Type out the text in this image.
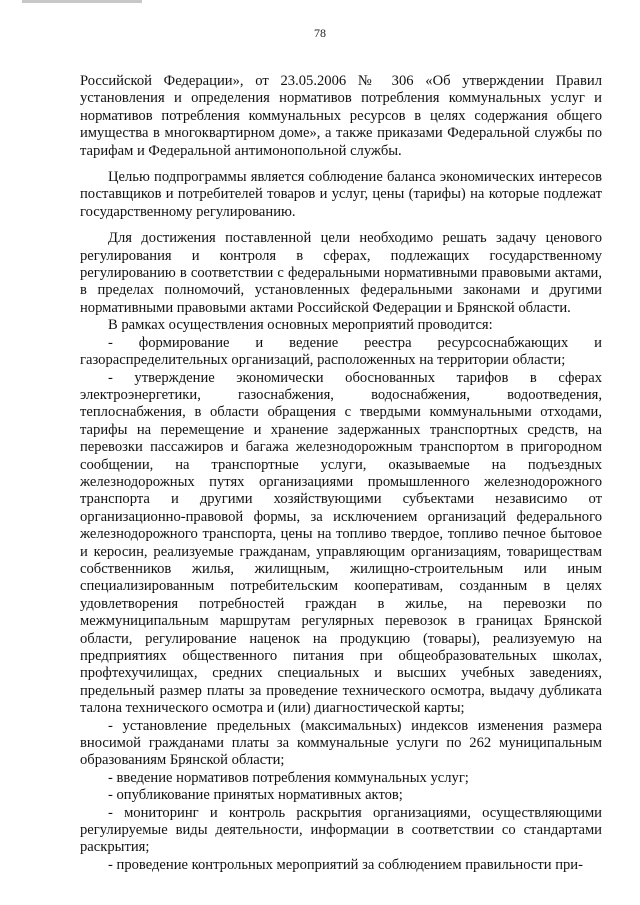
78

Российской Федерации», от 23.05.2006 № 306 «Об утверждении Правил установления и определения нормативов потребления коммунальных услуг и нормативов потребления коммунальных ресурсов в целях содержания общего имущества в многоквартирном доме», а также приказами Федеральной службы по тарифам и Федеральной антимонопольной службы.

Целью подпрограммы является соблюдение баланса экономических интересов поставщиков и потребителей товаров и услуг, цены (тарифы) на которые подлежат государственному регулированию.

Для достижения поставленной цели необходимо решать задачу ценового регулирования и контроля в сферах, подлежащих государственному регулированию в соответствии с федеральными нормативными правовыми актами, в пределах полномочий, установленных федеральными законами и другими нормативными правовыми актами Российской Федерации и Брянской области.

В рамках осуществления основных мероприятий проводится:

- формирование и ведение реестра ресурсоснабжающих и газораспределительных организаций, расположенных на территории области;

- утверждение экономически обоснованных тарифов в сферах электроэнергетики, газоснабжения, водоснабжения, водоотведения, теплоснабжения, в области обращения с твердыми коммунальными отходами, тарифы на перемещение и хранение задержанных транспортных средств, на перевозки пассажиров и багажа железнодорожным транспортом в пригородном сообщении, на транспортные услуги, оказываемые на подъездных железнодорожных путях организациями промышленного железнодорожного транспорта и другими хозяйствующими субъектами независимо от организационно-правовой формы, за исключением организаций федерального железнодорожного транспорта, цены на топливо твердое, топливо печное бытовое и керосин, реализуемые гражданам, управляющим организациям, товариществам собственников жилья, жилищным, жилищно-строительным или иным специализированным потребительским кооперативам, созданным в целях удовлетворения потребностей граждан в жилье, на перевозки по межмуниципальным маршрутам регулярных перевозок в границах Брянской области, регулирование наценок на продукцию (товары), реализуемую на предприятиях общественного питания при общеобразовательных школах, профтехучилищах, средних специальных и высших учебных заведениях, предельный размер платы за проведение технического осмотра, выдачу дубликата талона технического осмотра и (или) диагностической карты;

- установление предельных (максимальных) индексов изменения размера вносимой гражданами платы за коммунальные услуги по 262 муниципальным образованиям Брянской области;

- введение нормативов потребления коммунальных услуг;

- опубликование принятых нормативных актов;

- мониторинг и контроль раскрытия организациями, осуществляющими регулируемые виды деятельности, информации в соответствии со стандартами раскрытия;

- проведение контрольных мероприятий за соблюдением правильности при-
